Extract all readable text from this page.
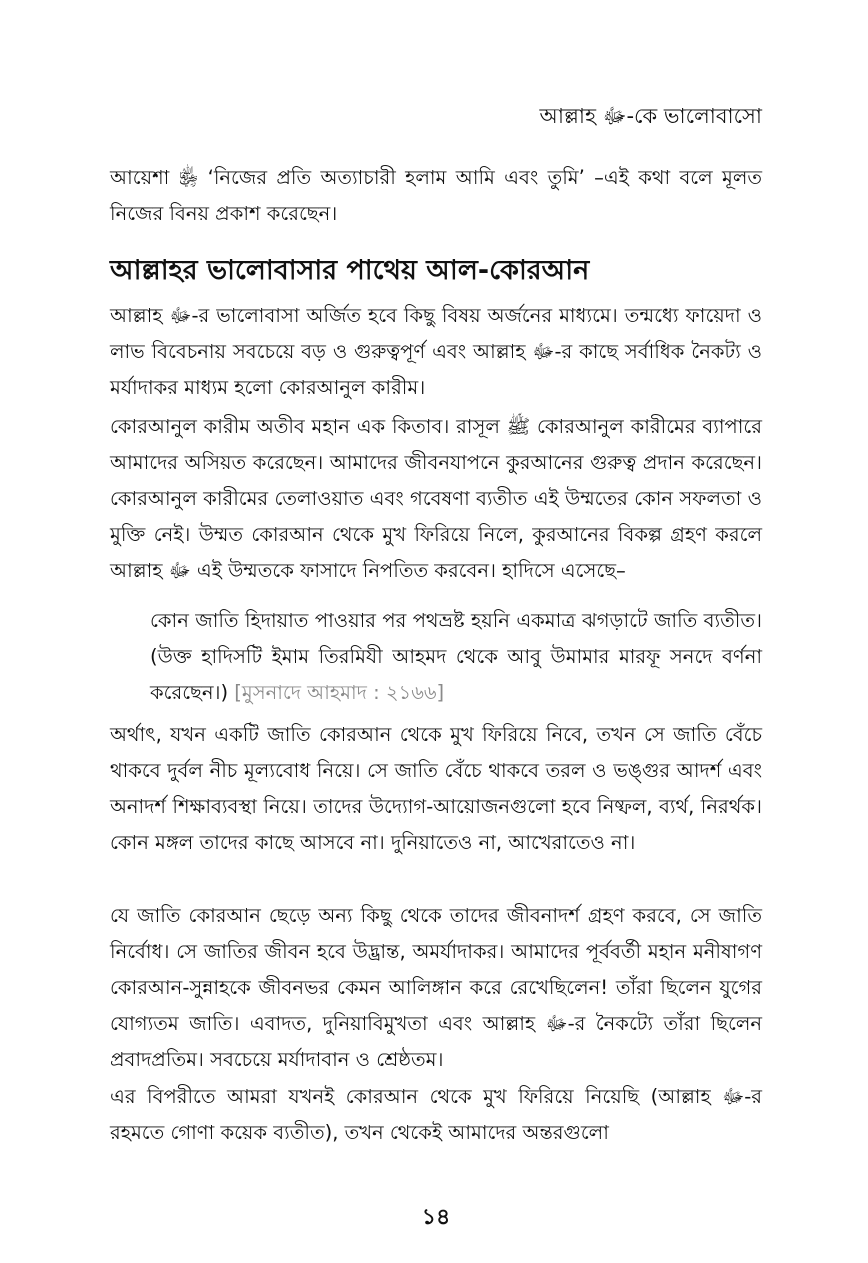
আল্লাহ ﷻ-কে ভালোবাসো

আয়েশা ﵂ ‘নিজের প্রতি অত্যাচারী হলাম আমি এবং তুমি’ –এই কথা বলে মূলত নিজের বিনয় প্রকাশ করেছেন।

আল্লাহর ভালোবাসার পাথেয় আল-কোরআন

আল্লাহ ﷻ-র ভালোবাসা অর্জিত হবে কিছু বিষয় অর্জনের মাধ্যমে। তন্মধ্যে ফায়েদা ও লাভ বিবেচনায় সবচেয়ে বড় ও গুরুত্বপূর্ণ এবং আল্লাহ ﷻ-র কাছে সর্বাধিক নৈকট্য ও মর্যাদাকর মাধ্যম হলো কোরআনুল কারীম।

কোরআনুল কারীম অতীব মহান এক কিতাব। রাসূল ﷺ কোরআনুল কারীমের ব্যাপারে আমাদের অসিয়ত করেছেন। আমাদের জীবনযাপনে কুরআনের গুরুত্ব প্রদান করেছেন। কোরআনুল কারীমের তেলাওয়াত এবং গবেষণা ব্যতীত এই উম্মতের কোন সফলতা ও মুক্তি নেই। উম্মত কোরআন থেকে মুখ ফিরিয়ে নিলে, কুরআনের বিকল্প গ্রহণ করলে আল্লাহ ﷻ এই উম্মতকে ফাসাদে নিপতিত করবেন। হাদিসে এসেছে–

কোন জাতি হিদায়াত পাওয়ার পর পথভ্রষ্ট হয়নি একমাত্র ঝগড়াটে জাতি ব্যতীত। (উক্ত হাদিসটি ইমাম তিরমিযী আহমদ থেকে আবু উমামার মারফূ সনদে বর্ণনা করেছেন।) [মুসনাদে আহমাদ : ২১৬৬]

অর্থাৎ, যখন একটি জাতি কোরআন থেকে মুখ ফিরিয়ে নিবে, তখন সে জাতি বেঁচে থাকবে দুর্বল নীচ মূল্যবোধ নিয়ে। সে জাতি বেঁচে থাকবে তরল ও ভঙ্গুর আদর্শ এবং অনাদর্শ শিক্ষাব্যবস্থা নিয়ে। তাদের উদ্যোগ-আয়োজনগুলো হবে নিষ্ফল, ব্যর্থ, নিরর্থক। কোন মঙ্গল তাদের কাছে আসবে না। দুনিয়াতেও না, আখেরাতেও না।

যে জাতি কোরআন ছেড়ে অন্য কিছু থেকে তাদের জীবনাদর্শ গ্রহণ করবে, সে জাতি নির্বোধ। সে জাতির জীবন হবে উদ্ভ্রান্ত, অমর্যাদাকর। আমাদের পূর্ববর্তী মহান মনীষাগণ কোরআন-সুন্নাহকে জীবনভর কেমন আলিঙ্গান করে রেখেছিলেন! তাঁরা ছিলেন যুগের যোগ্যতম জাতি। এবাদত, দুনিয়াবিমুখতা এবং আল্লাহ ﷻ-র নৈকট্যে তাঁরা ছিলেন প্রবাদপ্রতিম। সবচেয়ে মর্যাদাবান ও শ্রেষ্ঠতম।

এর বিপরীতে আমরা যখনই কোরআন থেকে মুখ ফিরিয়ে নিয়েছি (আল্লাহ ﷻ-র রহমতে গোণা কয়েক ব্যতীত), তখন থেকেই আমাদের অন্তরগুলো

১৪
